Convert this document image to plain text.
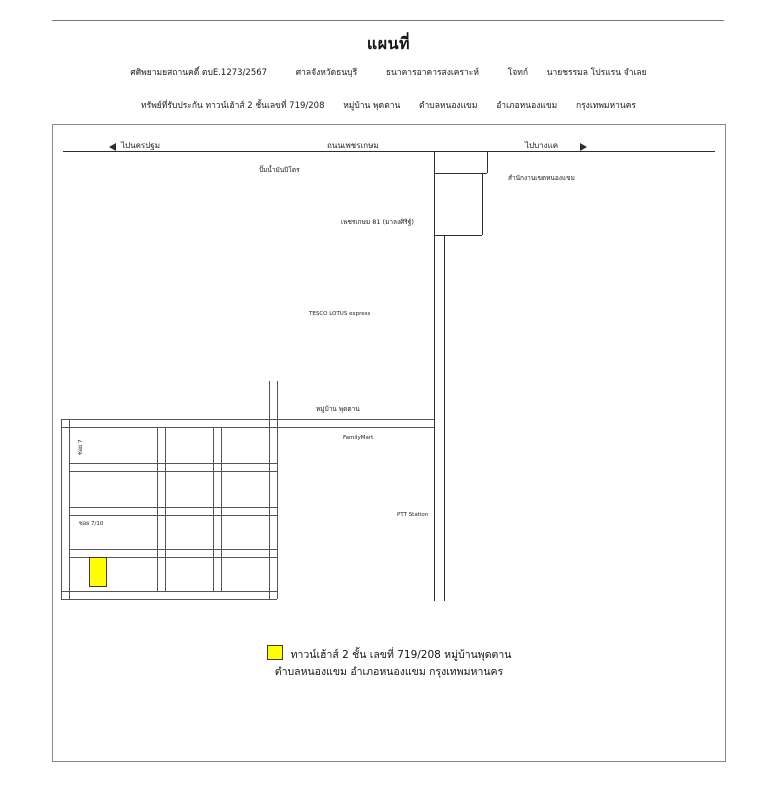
แผนที่
ศศิพยามยสถานคดี์ ตบE.1273/2567	ศาลจังหวัดธนบุรี	ธนาคารอาคารสงเคราะห์	โจทก์ นายชรรมล โปรแรน จำเลย
ทรัพย์ที่รับประกัน ทาวน์เฮ้าส์ 2 ชั้นเลขที่ 719/208 หมู่บ้าน พุดตาน ตำบลหนองแขม อำเภอหนองแขม กรุงเทพมหานคร
ไปนครปฐม	ถนนเพชรเกษม	ไปบางแค
ปั๊มน้ำมันปิโตร
สำนักงานเขตหนองแขม
เพชรเกษม 81 (มาลงศิริฐ์)
TESCO LOTUS express
หมู่บ้าน พุดตาน
FamilyMart
PTT Station
ซอย 7
ซอย 7/10
ทาวน์เฮ้าส์ 2 ชั้น เลขที่ 719/208 หมู่บ้านพุดตาน
ตำบลหนองแขม อำเภอหนองแขม กรุงเทพมหานคร
